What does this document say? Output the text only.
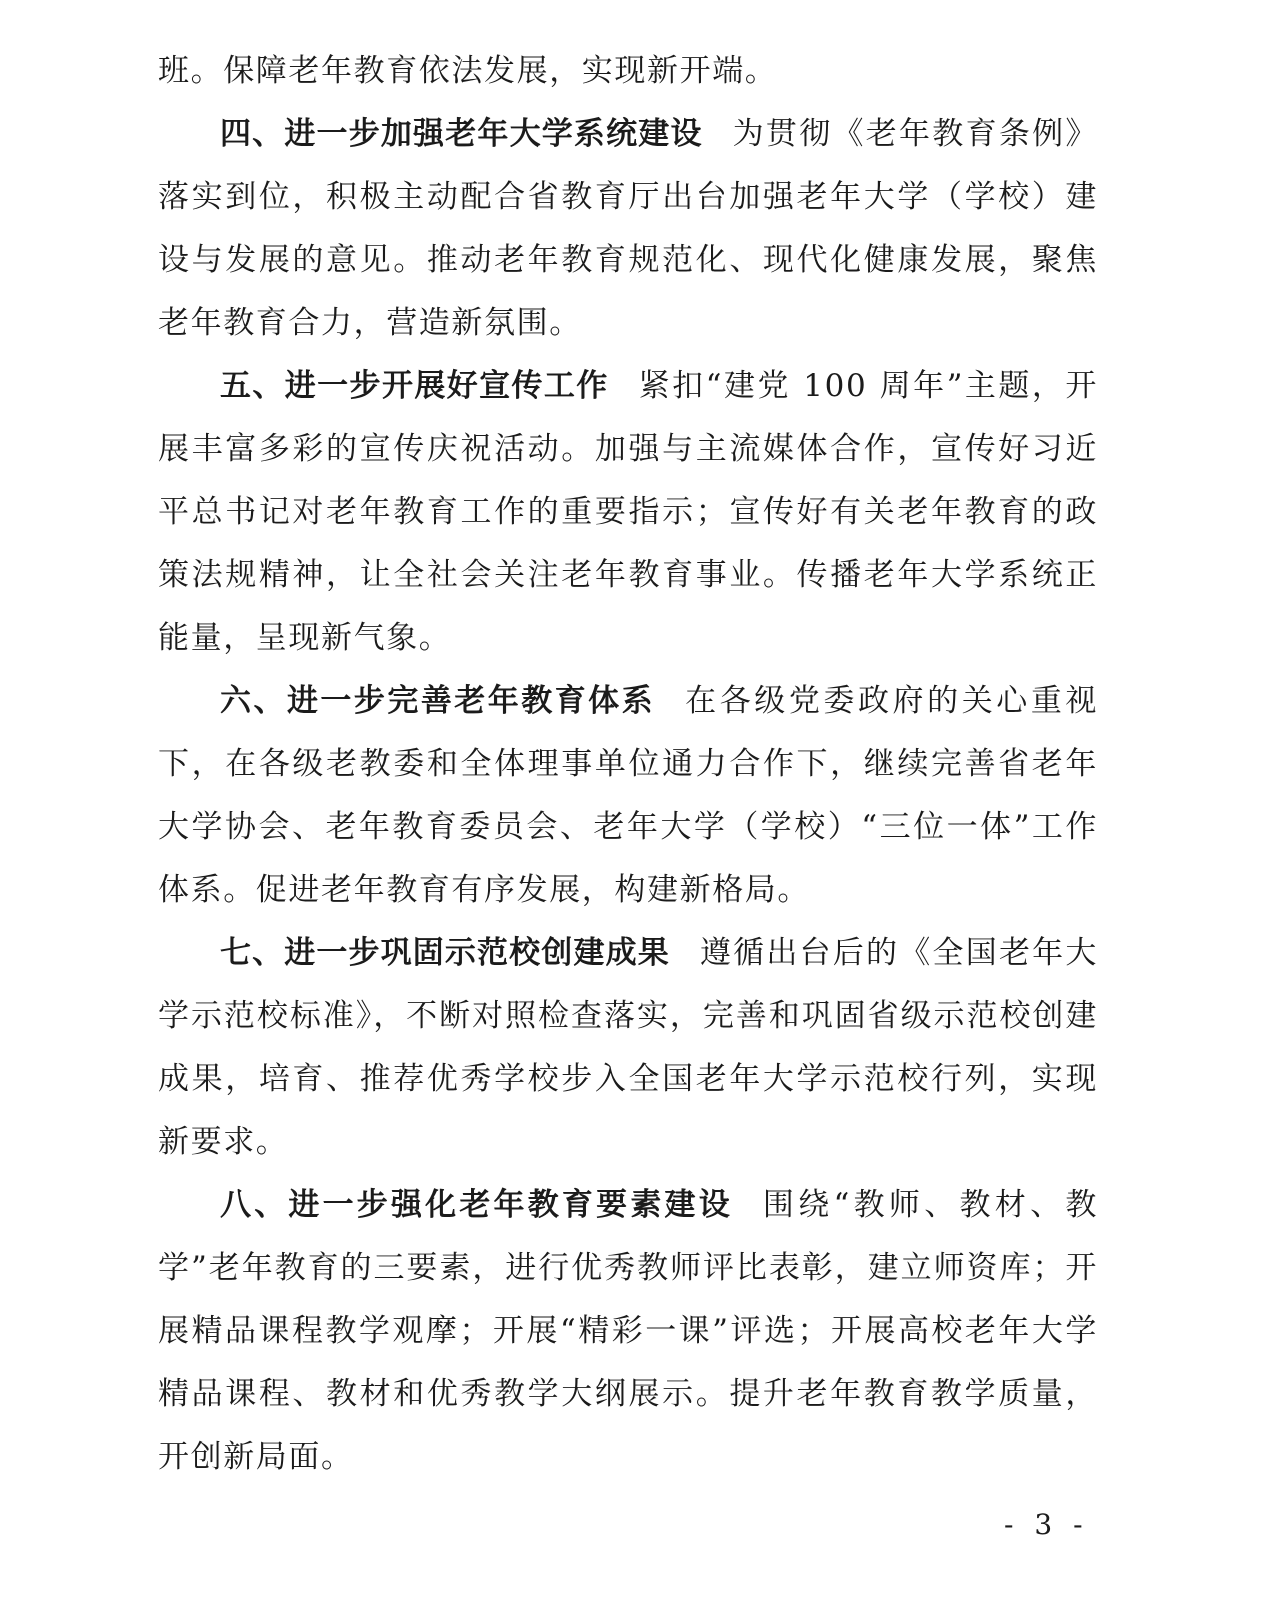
班。保障老年教育依法发展，实现新开端。

四、进一步加强老年大学系统建设 为贯彻《老年教育条例》落实到位，积极主动配合省教育厅出台加强老年大学（学校）建设与发展的意见。推动老年教育规范化、现代化健康发展，聚焦老年教育合力，营造新氛围。

五、进一步开展好宣传工作 紧扣“建党 100 周年”主题，开展丰富多彩的宣传庆祝活动。加强与主流媒体合作，宣传好习近平总书记对老年教育工作的重要指示；宣传好有关老年教育的政策法规精神，让全社会关注老年教育事业。传播老年大学系统正能量，呈现新气象。

六、进一步完善老年教育体系 在各级党委政府的关心重视下，在各级老教委和全体理事单位通力合作下，继续完善省老年大学协会、老年教育委员会、老年大学（学校）“三位一体”工作体系。促进老年教育有序发展，构建新格局。

七、进一步巩固示范校创建成果 遵循出台后的《全国老年大学示范校标准》，不断对照检查落实，完善和巩固省级示范校创建成果，培育、推荐优秀学校步入全国老年大学示范校行列，实现新要求。

八、进一步强化老年教育要素建设 围绕“教师、教材、教学”老年教育的三要素，进行优秀教师评比表彰，建立师资库；开展精品课程教学观摩；开展“精彩一课”评选；开展高校老年大学精品课程、教材和优秀教学大纲展示。提升老年教育教学质量，开创新局面。

- 3 -
